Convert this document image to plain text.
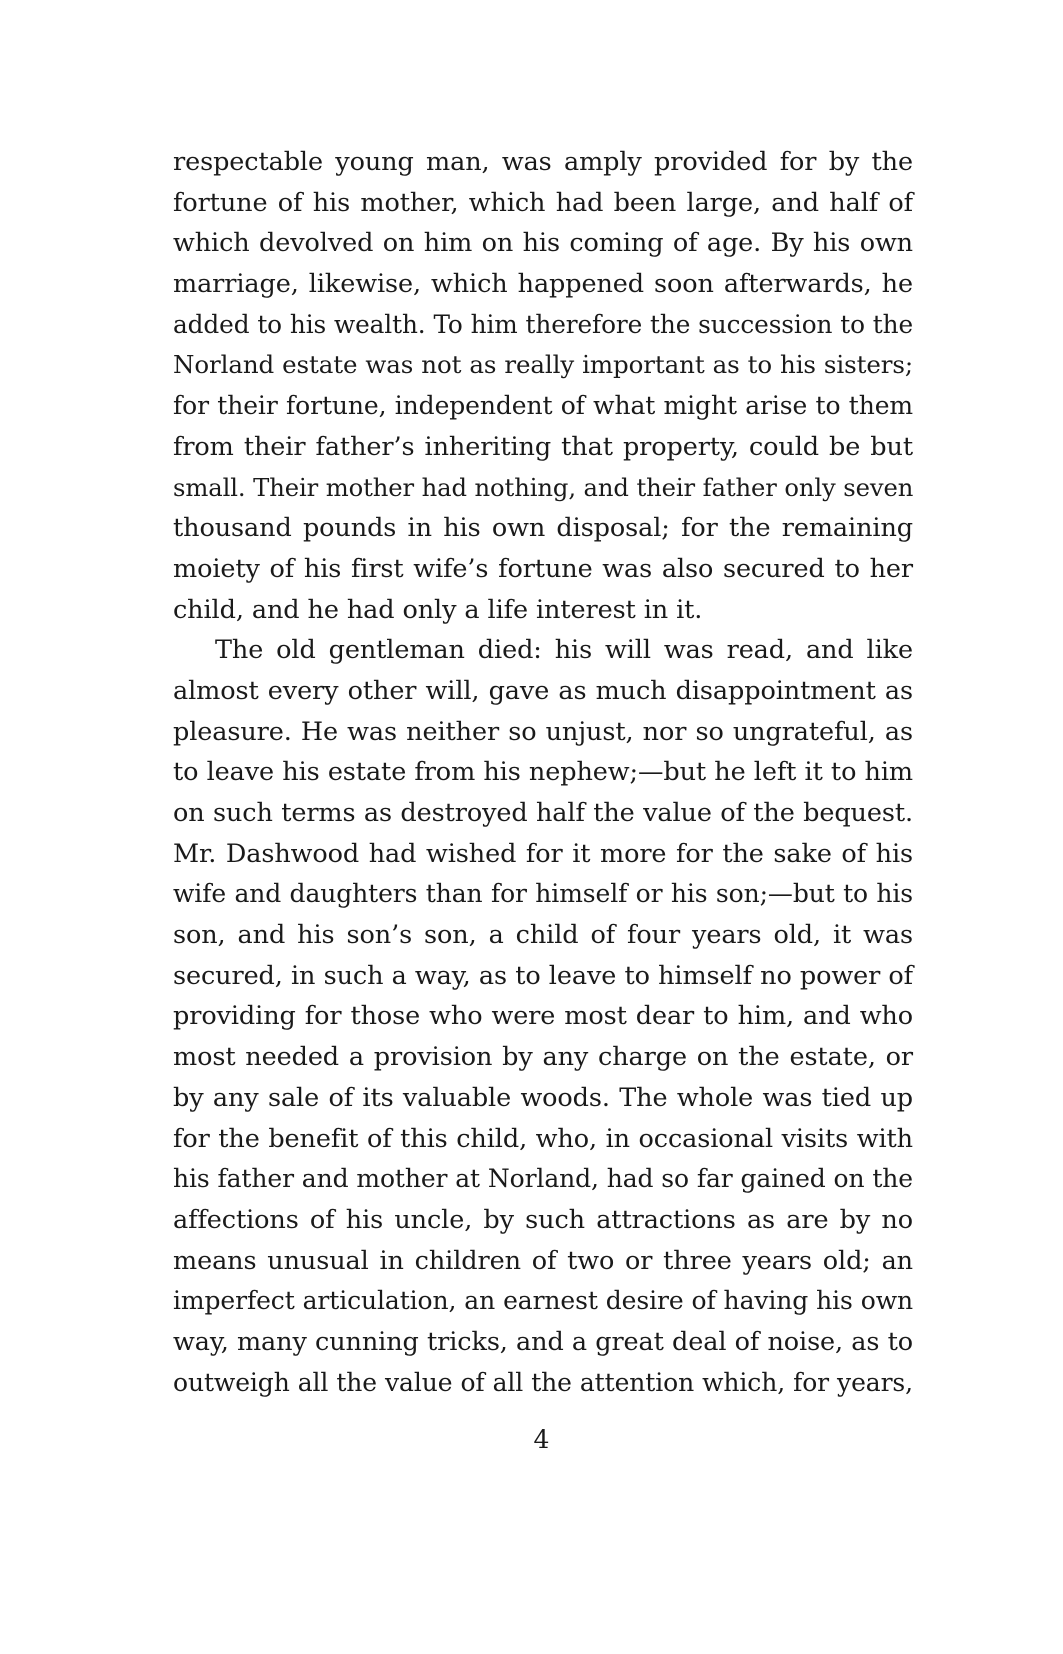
respectable young man, was amply provided for by the
fortune of his mother, which had been large, and half of
which devolved on him on his coming of age. By his own
marriage, likewise, which happened soon afterwards, he
added to his wealth. To him therefore the succession to the
Norland estate was not as really important as to his sisters;
for their fortune, independent of what might arise to them
from their father’s inheriting that property, could be but
small. Their mother had nothing, and their father only seven
thousand pounds in his own disposal; for the remaining
moiety of his first wife’s fortune was also secured to her
child, and he had only a life interest in it.
The old gentleman died: his will was read, and like
almost every other will, gave as much disappointment as
pleasure. He was neither so unjust, nor so ungrateful, as
to leave his estate from his nephew;—but he left it to him
on such terms as destroyed half the value of the bequest.
Mr. Dashwood had wished for it more for the sake of his
wife and daughters than for himself or his son;—but to his
son, and his son’s son, a child of four years old, it was
secured, in such a way, as to leave to himself no power of
providing for those who were most dear to him, and who
most needed a provision by any charge on the estate, or
by any sale of its valuable woods. The whole was tied up
for the benefit of this child, who, in occasional visits with
his father and mother at Norland, had so far gained on the
affections of his uncle, by such attractions as are by no
means unusual in children of two or three years old; an
imperfect articulation, an earnest desire of having his own
way, many cunning tricks, and a great deal of noise, as to
outweigh all the value of all the attention which, for years,
4
